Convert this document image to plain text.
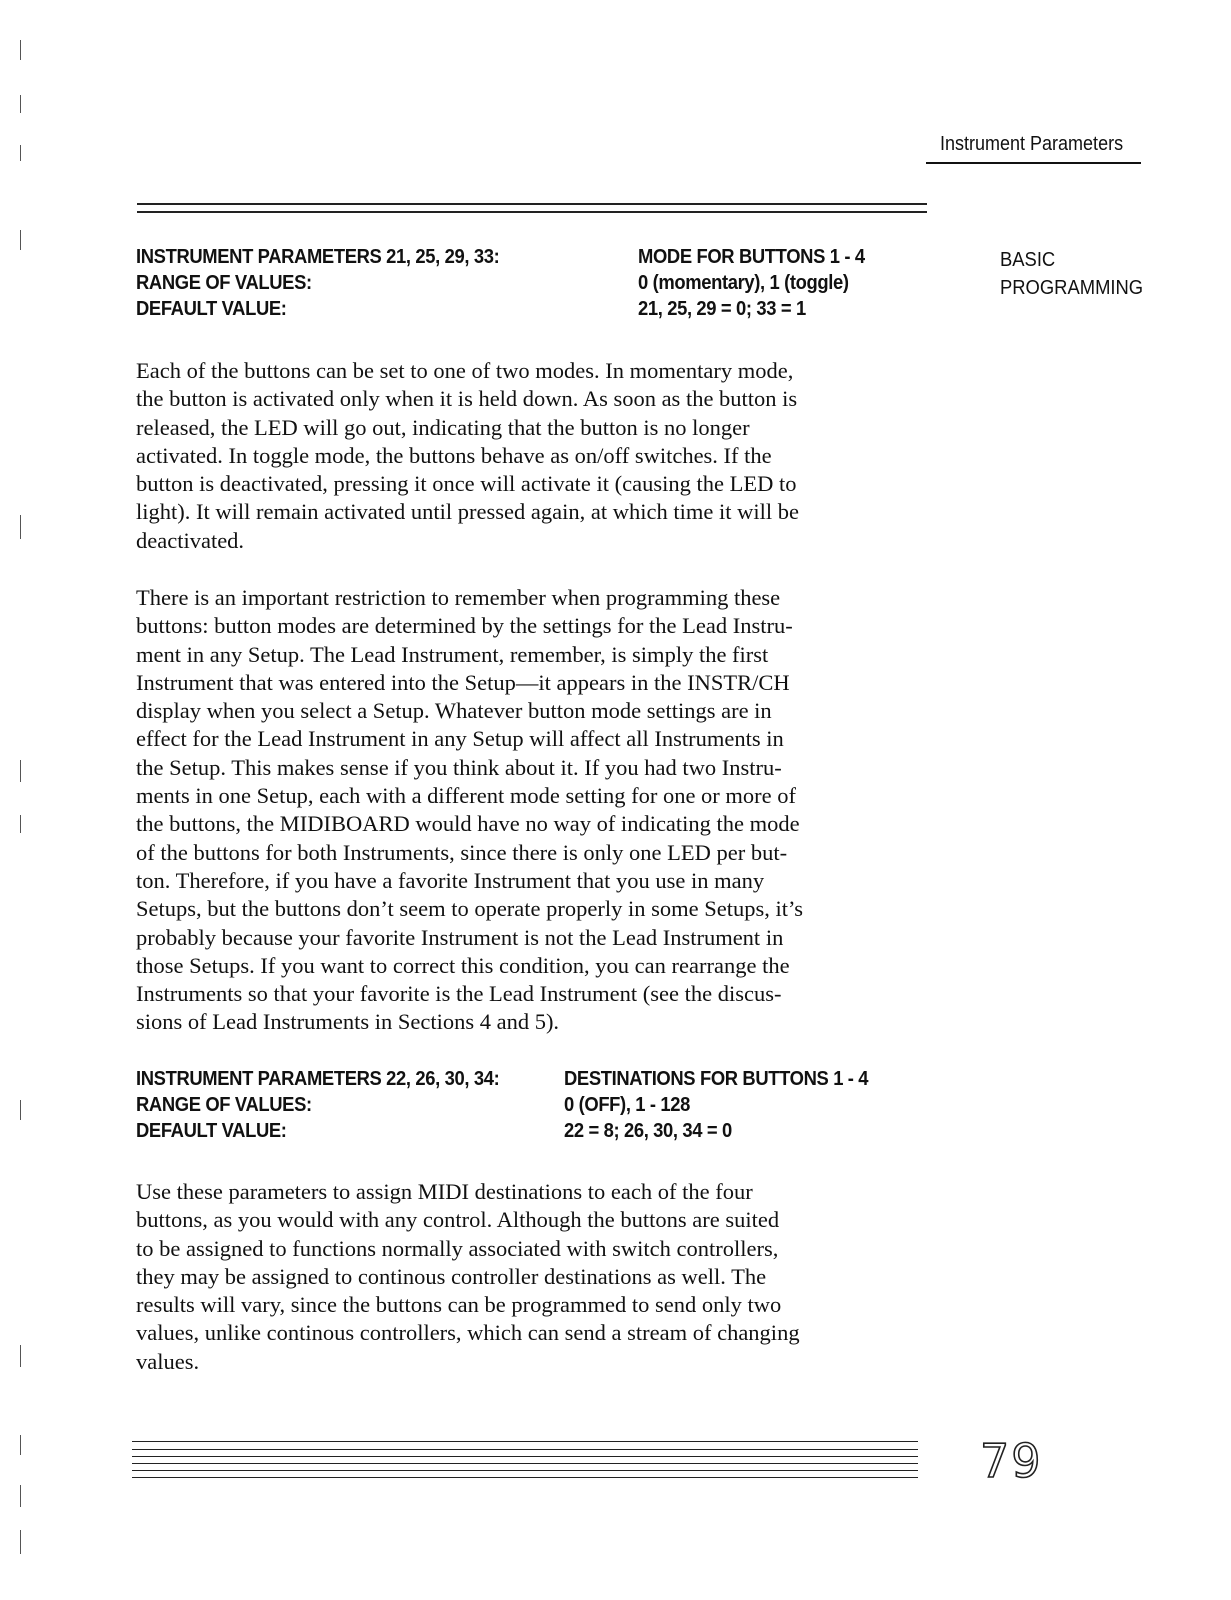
Instrument Parameters
BASIC
PROGRAMMING
INSTRUMENT PARAMETERS 21, 25, 29, 33:	MODE FOR BUTTONS 1 - 4
RANGE OF VALUES:	0 (momentary), 1 (toggle)
DEFAULT VALUE:	21, 25, 29 = 0; 33 = 1

Each of the buttons can be set to one of two modes. In momentary mode,
the button is activated only when it is held down. As soon as the button is
released, the LED will go out, indicating that the button is no longer
activated. In toggle mode, the buttons behave as on/off switches. If the
button is deactivated, pressing it once will activate it (causing the LED to
light). It will remain activated until pressed again, at which time it will be
deactivated.

There is an important restriction to remember when programming these
buttons: button modes are determined by the settings for the Lead Instru-
ment in any Setup. The Lead Instrument, remember, is simply the first
Instrument that was entered into the Setup—it appears in the INSTR/CH
display when you select a Setup. Whatever button mode settings are in
effect for the Lead Instrument in any Setup will affect all Instruments in
the Setup. This makes sense if you think about it. If you had two Instru-
ments in one Setup, each with a different mode setting for one or more of
the buttons, the MIDIBOARD would have no way of indicating the mode
of the buttons for both Instruments, since there is only one LED per but-
ton. Therefore, if you have a favorite Instrument that you use in many
Setups, but the buttons don’t seem to operate properly in some Setups, it’s
probably because your favorite Instrument is not the Lead Instrument in
those Setups. If you want to correct this condition, you can rearrange the
Instruments so that your favorite is the Lead Instrument (see the discus-
sions of Lead Instruments in Sections 4 and 5).

INSTRUMENT PARAMETERS 22, 26, 30, 34:	DESTINATIONS FOR BUTTONS 1 - 4
RANGE OF VALUES:	0 (OFF), 1 - 128
DEFAULT VALUE:	22 = 8; 26, 30, 34 = 0

Use these parameters to assign MIDI destinations to each of the four
buttons, as you would with any control. Although the buttons are suited
to be assigned to functions normally associated with switch controllers,
they may be assigned to continous controller destinations as well. The
results will vary, since the buttons can be programmed to send only two
values, unlike continous controllers, which can send a stream of changing
values.

79
